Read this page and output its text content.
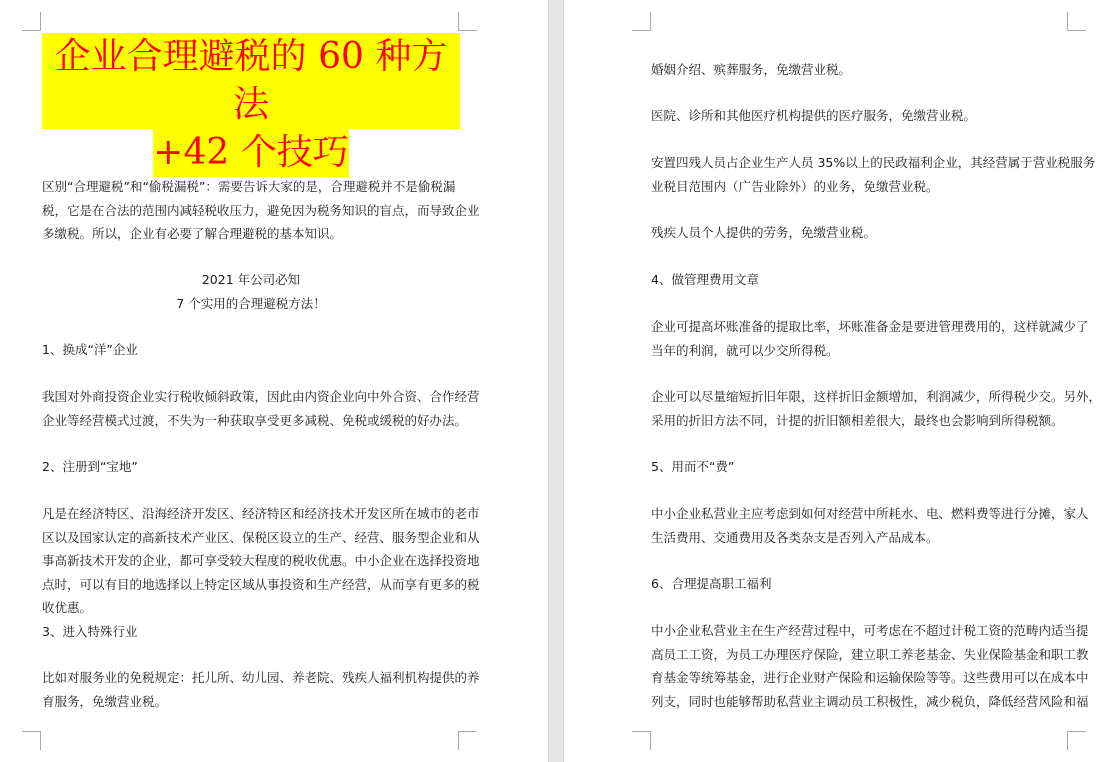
企业合理避税的 60 种方法
+42 个技巧
区别“合理避税”和“偷税漏税”：需要告诉大家的是，合理避税并不是偷税漏
税，它是在合法的范围内减轻税收压力，避免因为税务知识的盲点，而导致企业
多缴税。所以，企业有必要了解合理避税的基本知识。
2021 年公司必知
7 个实用的合理避税方法！
1、换成“洋”企业
我国对外商投资企业实行税收倾斜政策，因此由内资企业向中外合资、合作经营
企业等经营模式过渡，不失为一种获取享受更多减税、免税或缓税的好办法。
2、注册到“宝地”
凡是在经济特区、沿海经济开发区、经济特区和经济技术开发区所在城市的老市
区以及国家认定的高新技术产业区、保税区设立的生产、经营、服务型企业和从
事高新技术开发的企业，都可享受较大程度的税收优惠。中小企业在选择投资地
点时，可以有目的地选择以上特定区域从事投资和生产经营，从而享有更多的税
收优惠。
3、进入特殊行业
比如对服务业的免税规定：托儿所、幼儿园、养老院、残疾人福利机构提供的养
育服务，免缴营业税。
婚姻介绍、殡葬服务，免缴营业税。
医院、诊所和其他医疗机构提供的医疗服务，免缴营业税。
安置四残人员占企业生产人员 35%以上的民政福利企业，其经营属于营业税服务
业税目范围内（广告业除外）的业务，免缴营业税。
残疾人员个人提供的劳务，免缴营业税。
4、做管理费用文章
企业可提高坏账准备的提取比率，坏账准备金是要进管理费用的，这样就减少了
当年的利润，就可以少交所得税。
企业可以尽量缩短折旧年限，这样折旧金额增加，利润减少，所得税少交。另外，
采用的折旧方法不同，计提的折旧额相差很大，最终也会影响到所得税额。
5、用而不“费”
中小企业私营业主应考虑到如何对经营中所耗水、电、燃料费等进行分摊，家人
生活费用、交通费用及各类杂支是否列入产品成本。
6、合理提高职工福利
中小企业私营业主在生产经营过程中，可考虑在不超过计税工资的范畴内适当提
高员工工资，为员工办理医疗保险，建立职工养老基金、失业保险基金和职工教
育基金等统筹基金，进行企业财产保险和运输保险等等。这些费用可以在成本中
列支，同时也能够帮助私营业主调动员工积极性，减少税负，降低经营风险和福
